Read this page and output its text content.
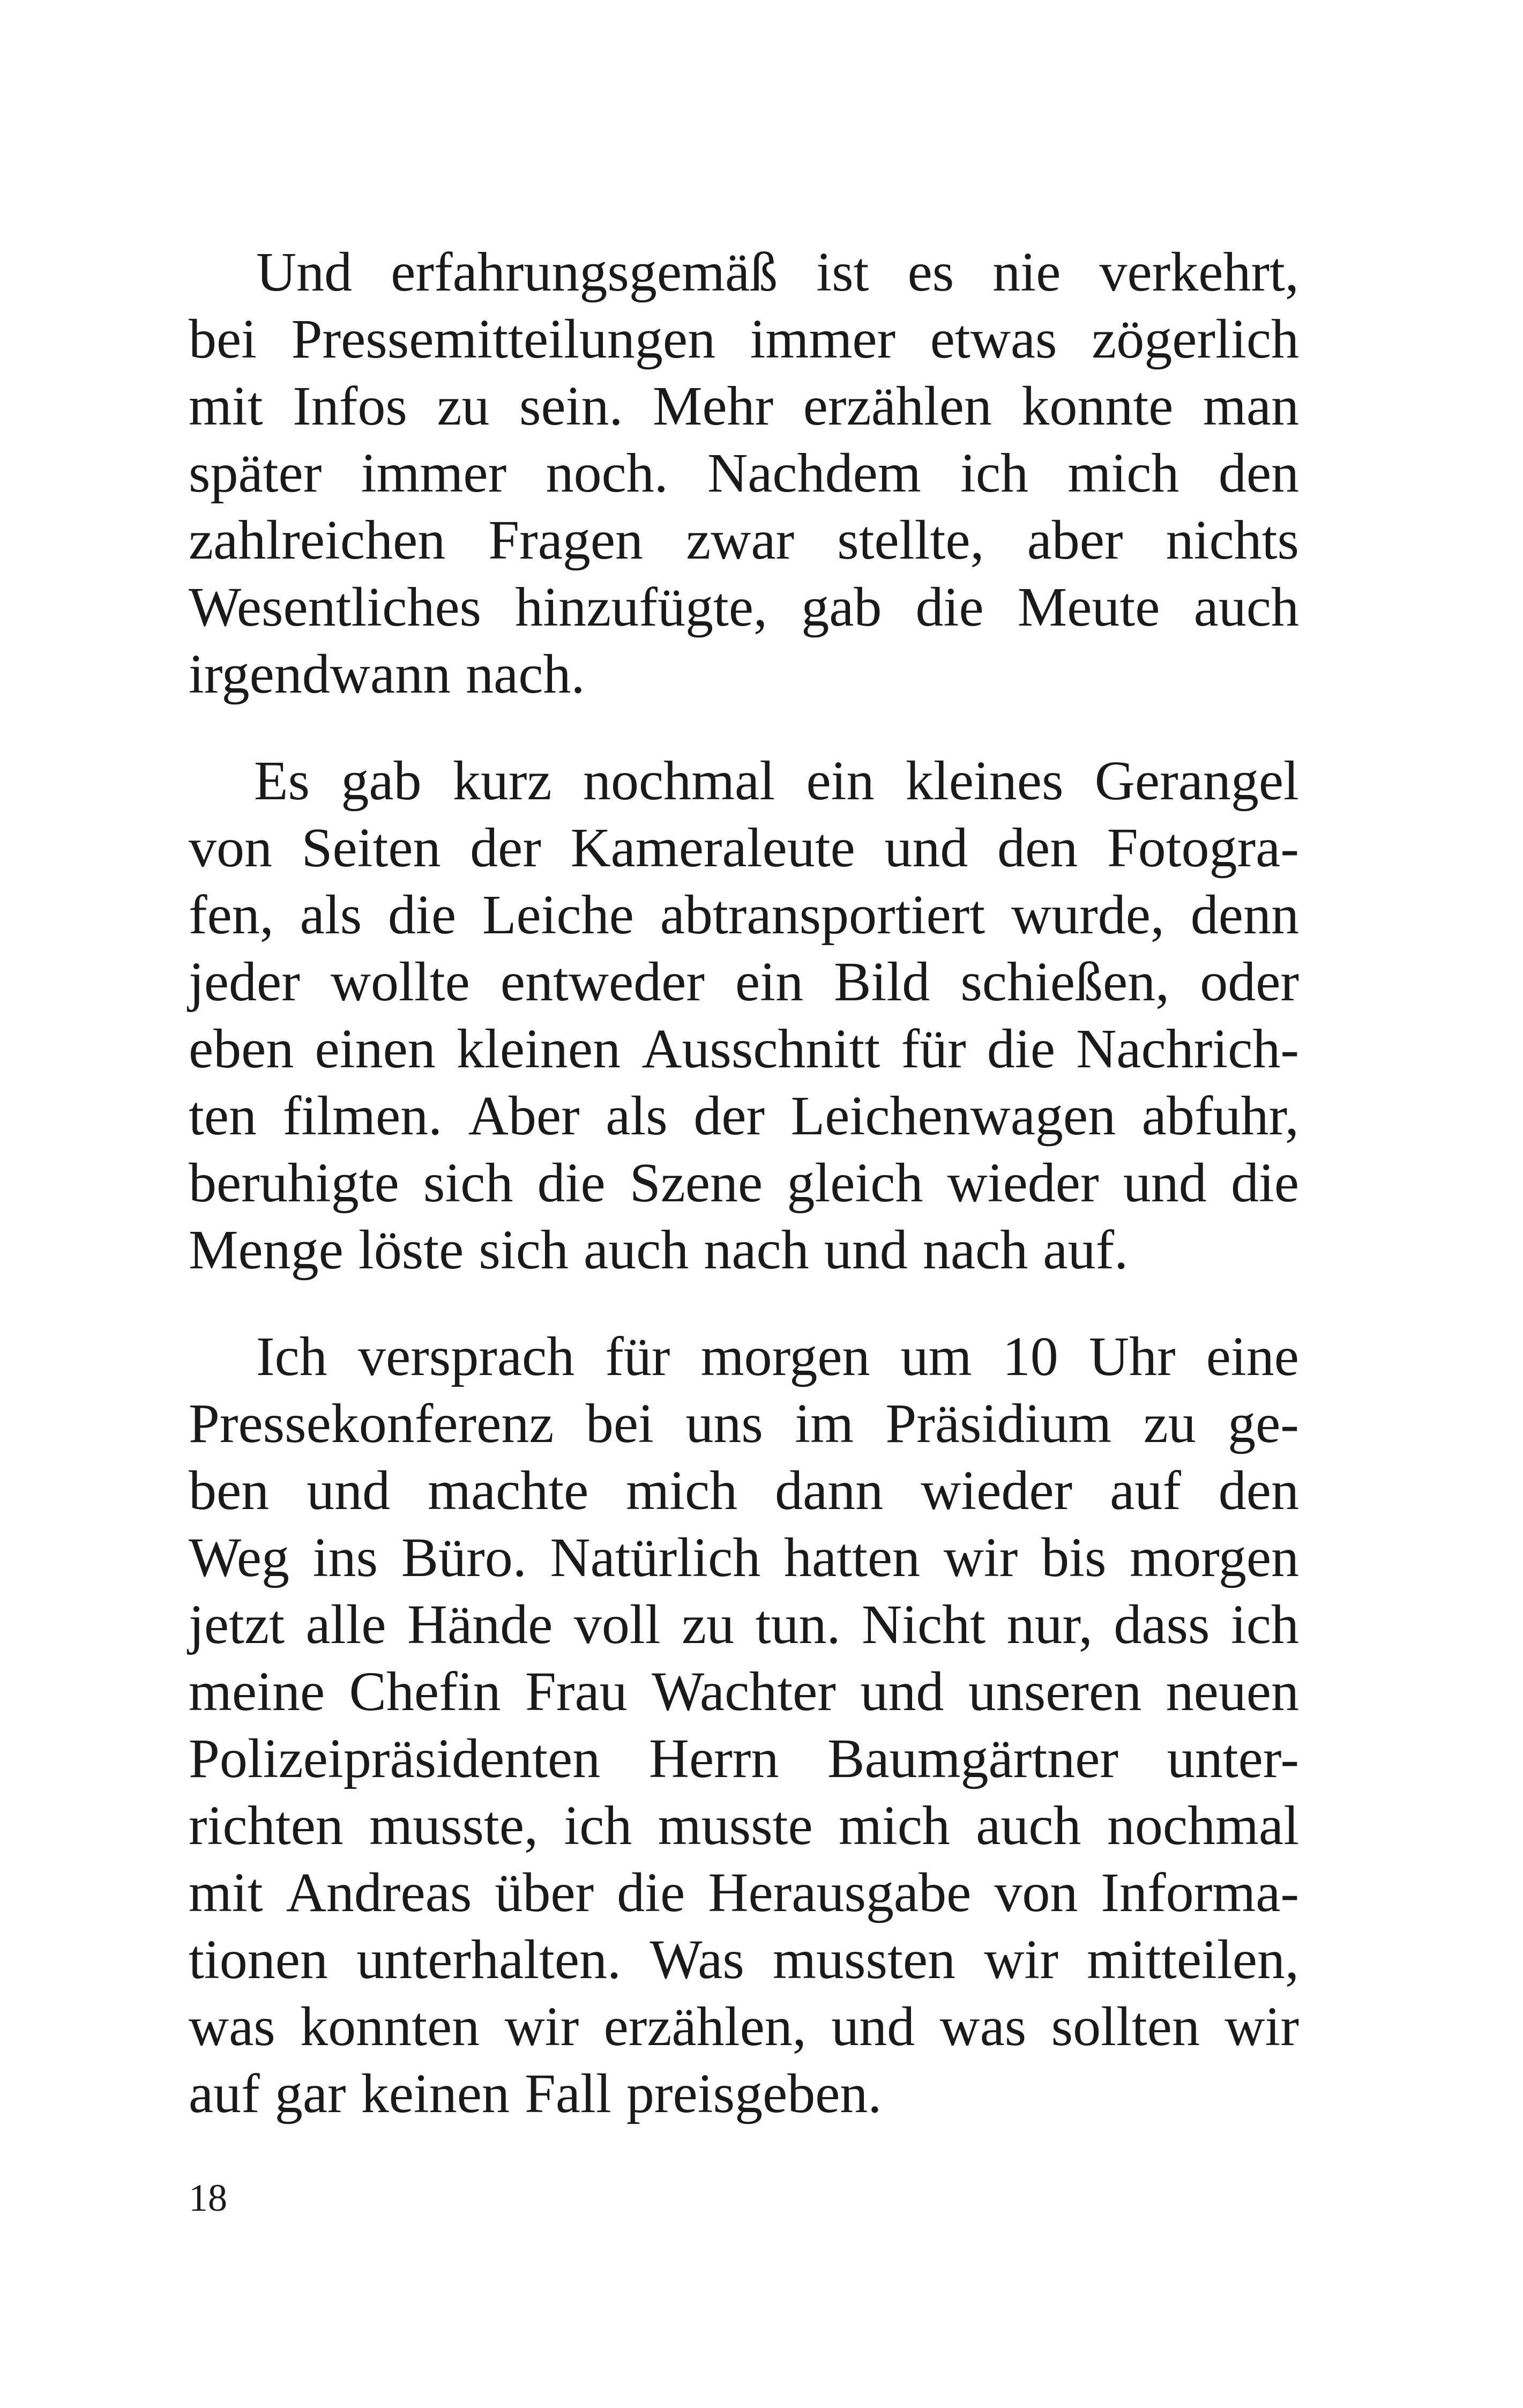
Und erfahrungsgemäß ist es nie verkehrt,
bei Pressemitteilungen immer etwas zögerlich
mit Infos zu sein. Mehr erzählen konnte man
später immer noch. Nachdem ich mich den
zahlreichen Fragen zwar stellte, aber nichts
Wesentliches hinzufügte, gab die Meute auch
irgendwann nach.
Es gab kurz nochmal ein kleines Gerangel
von Seiten der Kameraleute und den Fotogra-
fen, als die Leiche abtransportiert wurde, denn
jeder wollte entweder ein Bild schießen, oder
eben einen kleinen Ausschnitt für die Nachrich-
ten filmen. Aber als der Leichenwagen abfuhr,
beruhigte sich die Szene gleich wieder und die
Menge löste sich auch nach und nach auf.
Ich versprach für morgen um 10 Uhr eine
Pressekonferenz bei uns im Präsidium zu ge-
ben und machte mich dann wieder auf den
Weg ins Büro. Natürlich hatten wir bis morgen
jetzt alle Hände voll zu tun. Nicht nur, dass ich
meine Chefin Frau Wachter und unseren neuen
Polizeipräsidenten Herrn Baumgärtner unter-
richten musste, ich musste mich auch nochmal
mit Andreas über die Herausgabe von Informa-
tionen unterhalten. Was mussten wir mitteilen,
was konnten wir erzählen, und was sollten wir
auf gar keinen Fall preisgeben.
18
